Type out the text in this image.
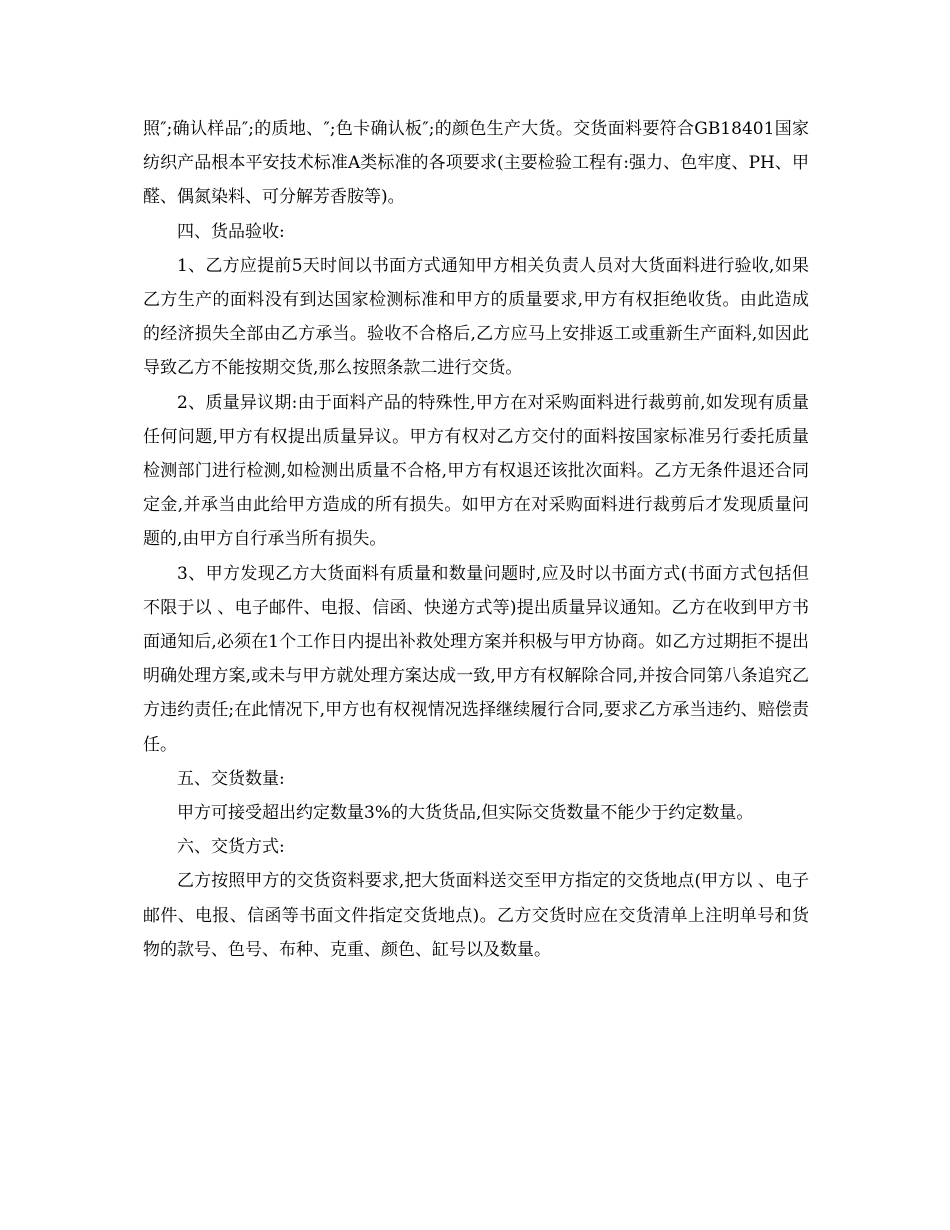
照″;确认样品″;的质地、″;色卡确认板″;的颜色生产大货。交货面料要符合GB18401国家纺织产品根本平安技术标准A类标准的各项要求(主要检验工程有:强力、色牢度、PH、甲醛、偶氮染料、可分解芳香胺等)。

四、货品验收:

1、乙方应提前5天时间以书面方式通知甲方相关负责人员对大货面料进行验收,如果乙方生产的面料没有到达国家检测标准和甲方的质量要求,甲方有权拒绝收货。由此造成的经济损失全部由乙方承当。验收不合格后,乙方应马上安排返工或重新生产面料,如因此导致乙方不能按期交货,那么按照条款二进行交货。

2、质量异议期:由于面料产品的特殊性,甲方在对采购面料进行裁剪前,如发现有质量任何问题,甲方有权提出质量异议。甲方有权对乙方交付的面料按国家标准另行委托质量检测部门进行检测,如检测出质量不合格,甲方有权退还该批次面料。乙方无条件退还合同定金,并承当由此给甲方造成的所有损失。如甲方在对采购面料进行裁剪后才发现质量问题的,由甲方自行承当所有损失。

3、甲方发现乙方大货面料有质量和数量问题时,应及时以书面方式(书面方式包括但不限于以 、电子邮件、电报、信函、快递方式等)提出质量异议通知。乙方在收到甲方书面通知后,必须在1个工作日内提出补救处理方案并积极与甲方协商。如乙方过期拒不提出明确处理方案,或未与甲方就处理方案达成一致,甲方有权解除合同,并按合同第八条追究乙方违约责任;在此情况下,甲方也有权视情况选择继续履行合同,要求乙方承当违约、赔偿责任。

五、交货数量:

甲方可接受超出约定数量3%的大货货品,但实际交货数量不能少于约定数量。

六、交货方式:

乙方按照甲方的交货资料要求,把大货面料送交至甲方指定的交货地点(甲方以 、电子邮件、电报、信函等书面文件指定交货地点)。乙方交货时应在交货清单上注明单号和货物的款号、色号、布种、克重、颜色、缸号以及数量。
